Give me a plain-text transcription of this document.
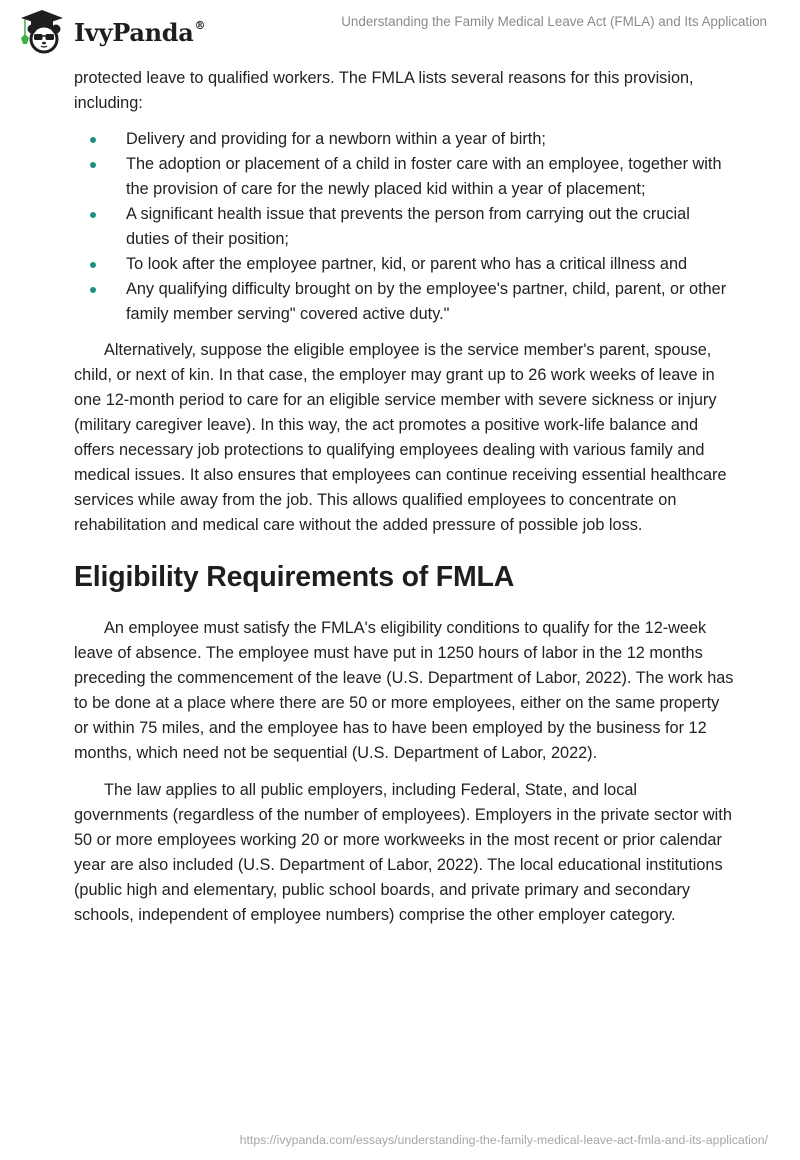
IvyPanda®	Understanding the Family Medical Leave Act (FMLA) and Its Application

protected leave to qualified workers. The FMLA lists several reasons for this provision, including:

Delivery and providing for a newborn within a year of birth;
The adoption or placement of a child in foster care with an employee, together with the provision of care for the newly placed kid within a year of placement;
A significant health issue that prevents the person from carrying out the crucial duties of their position;
To look after the employee partner, kid, or parent who has a critical illness and
Any qualifying difficulty brought on by the employee's partner, child, parent, or other family member serving" covered active duty."

Alternatively, suppose the eligible employee is the service member's parent, spouse, child, or next of kin. In that case, the employer may grant up to 26 work weeks of leave in one 12-month period to care for an eligible service member with severe sickness or injury (military caregiver leave). In this way, the act promotes a positive work-life balance and offers necessary job protections to qualifying employees dealing with various family and medical issues. It also ensures that employees can continue receiving essential healthcare services while away from the job. This allows qualified employees to concentrate on rehabilitation and medical care without the added pressure of possible job loss.

Eligibility Requirements of FMLA

An employee must satisfy the FMLA's eligibility conditions to qualify for the 12-week leave of absence. The employee must have put in 1250 hours of labor in the 12 months preceding the commencement of the leave (U.S. Department of Labor, 2022). The work has to be done at a place where there are 50 or more employees, either on the same property or within 75 miles, and the employee has to have been employed by the business for 12 months, which need not be sequential (U.S. Department of Labor, 2022).

The law applies to all public employers, including Federal, State, and local governments (regardless of the number of employees). Employers in the private sector with 50 or more employees working 20 or more workweeks in the most recent or prior calendar year are also included (U.S. Department of Labor, 2022). The local educational institutions (public high and elementary, public school boards, and private primary and secondary schools, independent of employee numbers) comprise the other employer category.

https://ivypanda.com/essays/understanding-the-family-medical-leave-act-fmla-and-its-application/
